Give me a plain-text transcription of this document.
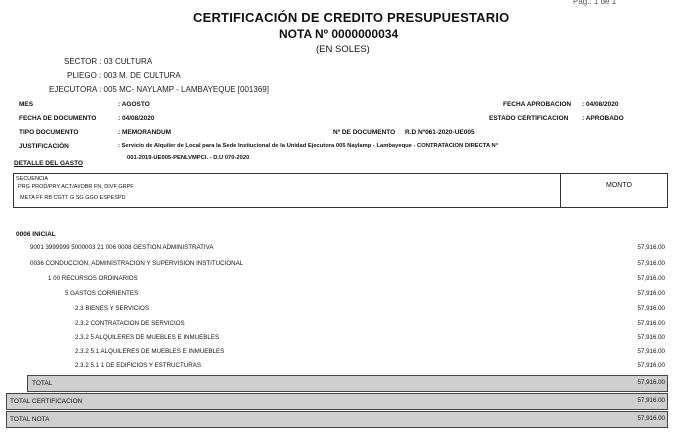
Pag.: 1 de 1
CERTIFICACIÓN DE CREDITO PRESUPUESTARIO
NOTA Nº 0000000034
(EN SOLES)
SECTOR : 03 CULTURA
PLIEGO : 003 M. DE CULTURA
EJECUTORA : 005 MC- NAYLAMP - LAMBAYEQUE [001369]
MES	: AGOSTO
FECHA DE DOCUMENTO	: 04/08/2020
TIPO DOCUMENTO	: MEMORANDUM
JUSTIFICACIÓN	: Servicio de Alquiler de Local para la Sede Instiucional de la Unidad Ejecutora 005 Naylamp - Lambayeque - CONTRATACION DIRECTA N°
001-2019-UE005-PENLVMPCI. - D.U 070-2020
FECHA APROBACION : 04/08/2020
ESTADO CERTIFICACION : APROBADO
Nº DE DOCUMENTO R.D Nº061-2020-UE005
DETALLE DEL GASTO
SECUENCIA
PRG PROD/PRY ACT/AI/OBR FN. DIVF GRPF
META FF RB CGTT G SG GGO ESPESPD
MONTO
0006 INICIAL
9001 3999999 5000003 21 006 0008 GESTION ADMINISTRATIVA	57,916.00
0036 CONDUCCION, ADMINISTRACION Y SUPERVISION INSTITUCIONAL	57,916.00
1 00 RECURSOS ORDINARIOS	57,916.00
5 GASTOS CORRIENTES	57,916.00
2.3 BIENES Y SERVICIOS	57,916.00
2.3.2 CONTRATACION DE SERVICIOS	57,916.00
2.3.2 5 ALQUILERES DE MUEBLES E INMUEBLES	57,916.00
2.3.2 5.1 ALQUILERES DE MUEBLES E INMUEBLES	57,916.00
2.3.2 5.1 1 DE EDIFICIOS Y ESTRUCTURAS	57,916.00
TOTAL	57,916.00
TOTAL CERTIFICACION	57,916.00
TOTAL NOTA	57,916.00
